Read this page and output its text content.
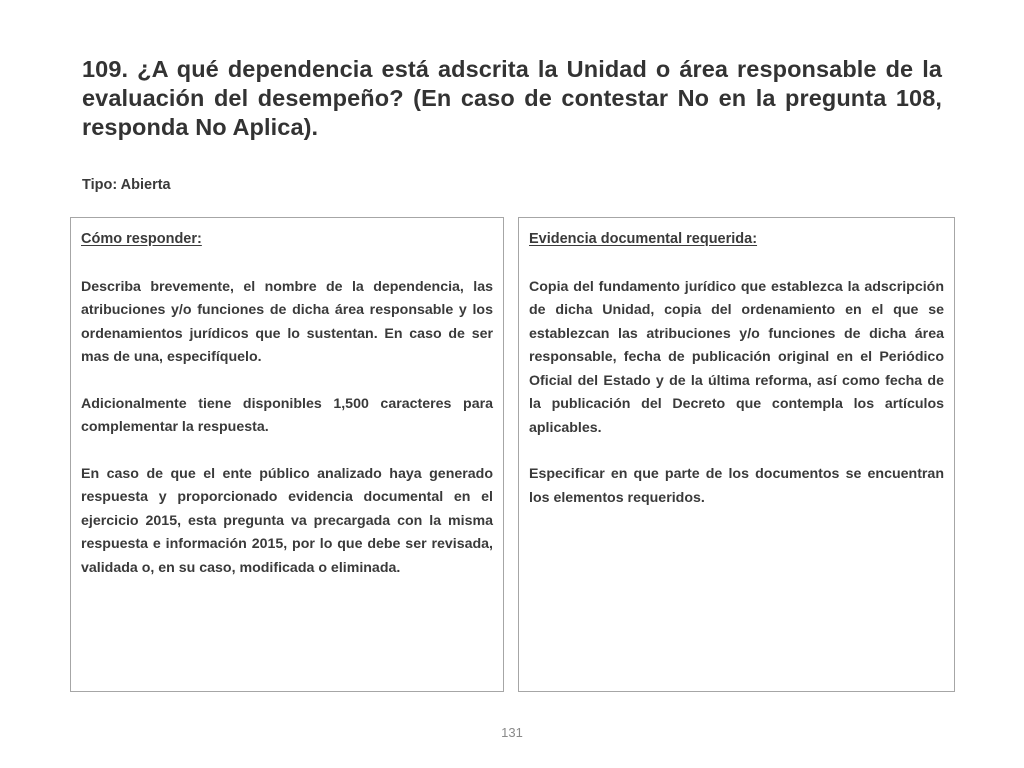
109. ¿A qué dependencia está adscrita la Unidad o área responsable de la evaluación del desempeño? (En caso de contestar No en la pregunta 108, responda No Aplica).
Tipo: Abierta
Cómo responder:

Describa brevemente, el nombre de la dependencia, las atribuciones y/o funciones de dicha área responsable y los ordenamientos jurídicos que lo sustentan. En caso de ser mas de una, especifíquelo.

Adicionalmente tiene disponibles 1,500 caracteres para complementar la respuesta.

En caso de que el ente público analizado haya generado respuesta y proporcionado evidencia documental en el ejercicio 2015, esta pregunta va precargada con la misma respuesta e información 2015, por lo que debe ser revisada, validada o, en su caso, modificada o eliminada.

Evidencia documental requerida:

Copia del fundamento jurídico que establezca la adscripción de dicha Unidad, copia del ordenamiento en el que se establezcan las atribuciones y/o funciones de dicha área responsable, fecha de publicación original en el Periódico Oficial del Estado y de la última reforma, así como fecha de la publicación del Decreto que contempla los artículos aplicables.

Especificar en que parte de los documentos se encuentran los elementos requeridos.

131
